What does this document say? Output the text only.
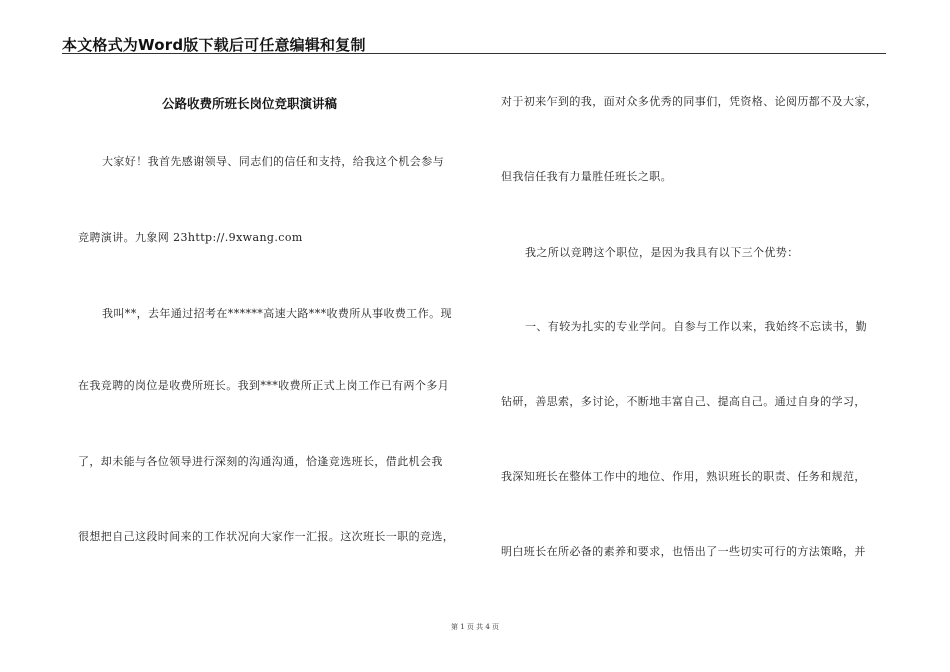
本文格式为Word版下载后可任意编辑和复制
公路收费所班长岗位竞职演讲稿
大家好！我首先感谢领导、同志们的信任和支持，给我这个机会参与
竞聘演讲。九象网 23http://.9xwang.com
我叫**，去年通过招考在******高速大路***收费所从事收费工作。现
在我竞聘的岗位是收费所班长。我到***收费所正式上岗工作已有两个多月
了，却未能与各位领导进行深刻的沟通沟通，恰逢竞选班长，借此机会我
很想把自己这段时间来的工作状况向大家作一汇报。这次班长一职的竞选，
对于初来乍到的我，面对众多优秀的同事们，凭资格、论阅历都不及大家，
但我信任我有力量胜任班长之职。
我之所以竞聘这个职位，是因为我具有以下三个优势：
一、有较为扎实的专业学问。自参与工作以来，我始终不忘读书，勤
钻研，善思索，多讨论，不断地丰富自己、提高自己。通过自身的学习，
我深知班长在整体工作中的地位、作用，熟识班长的职责、任务和规范，
明白班长在所必备的素养和要求，也悟出了一些切实可行的方法策略，并
第 1 页 共 4 页
